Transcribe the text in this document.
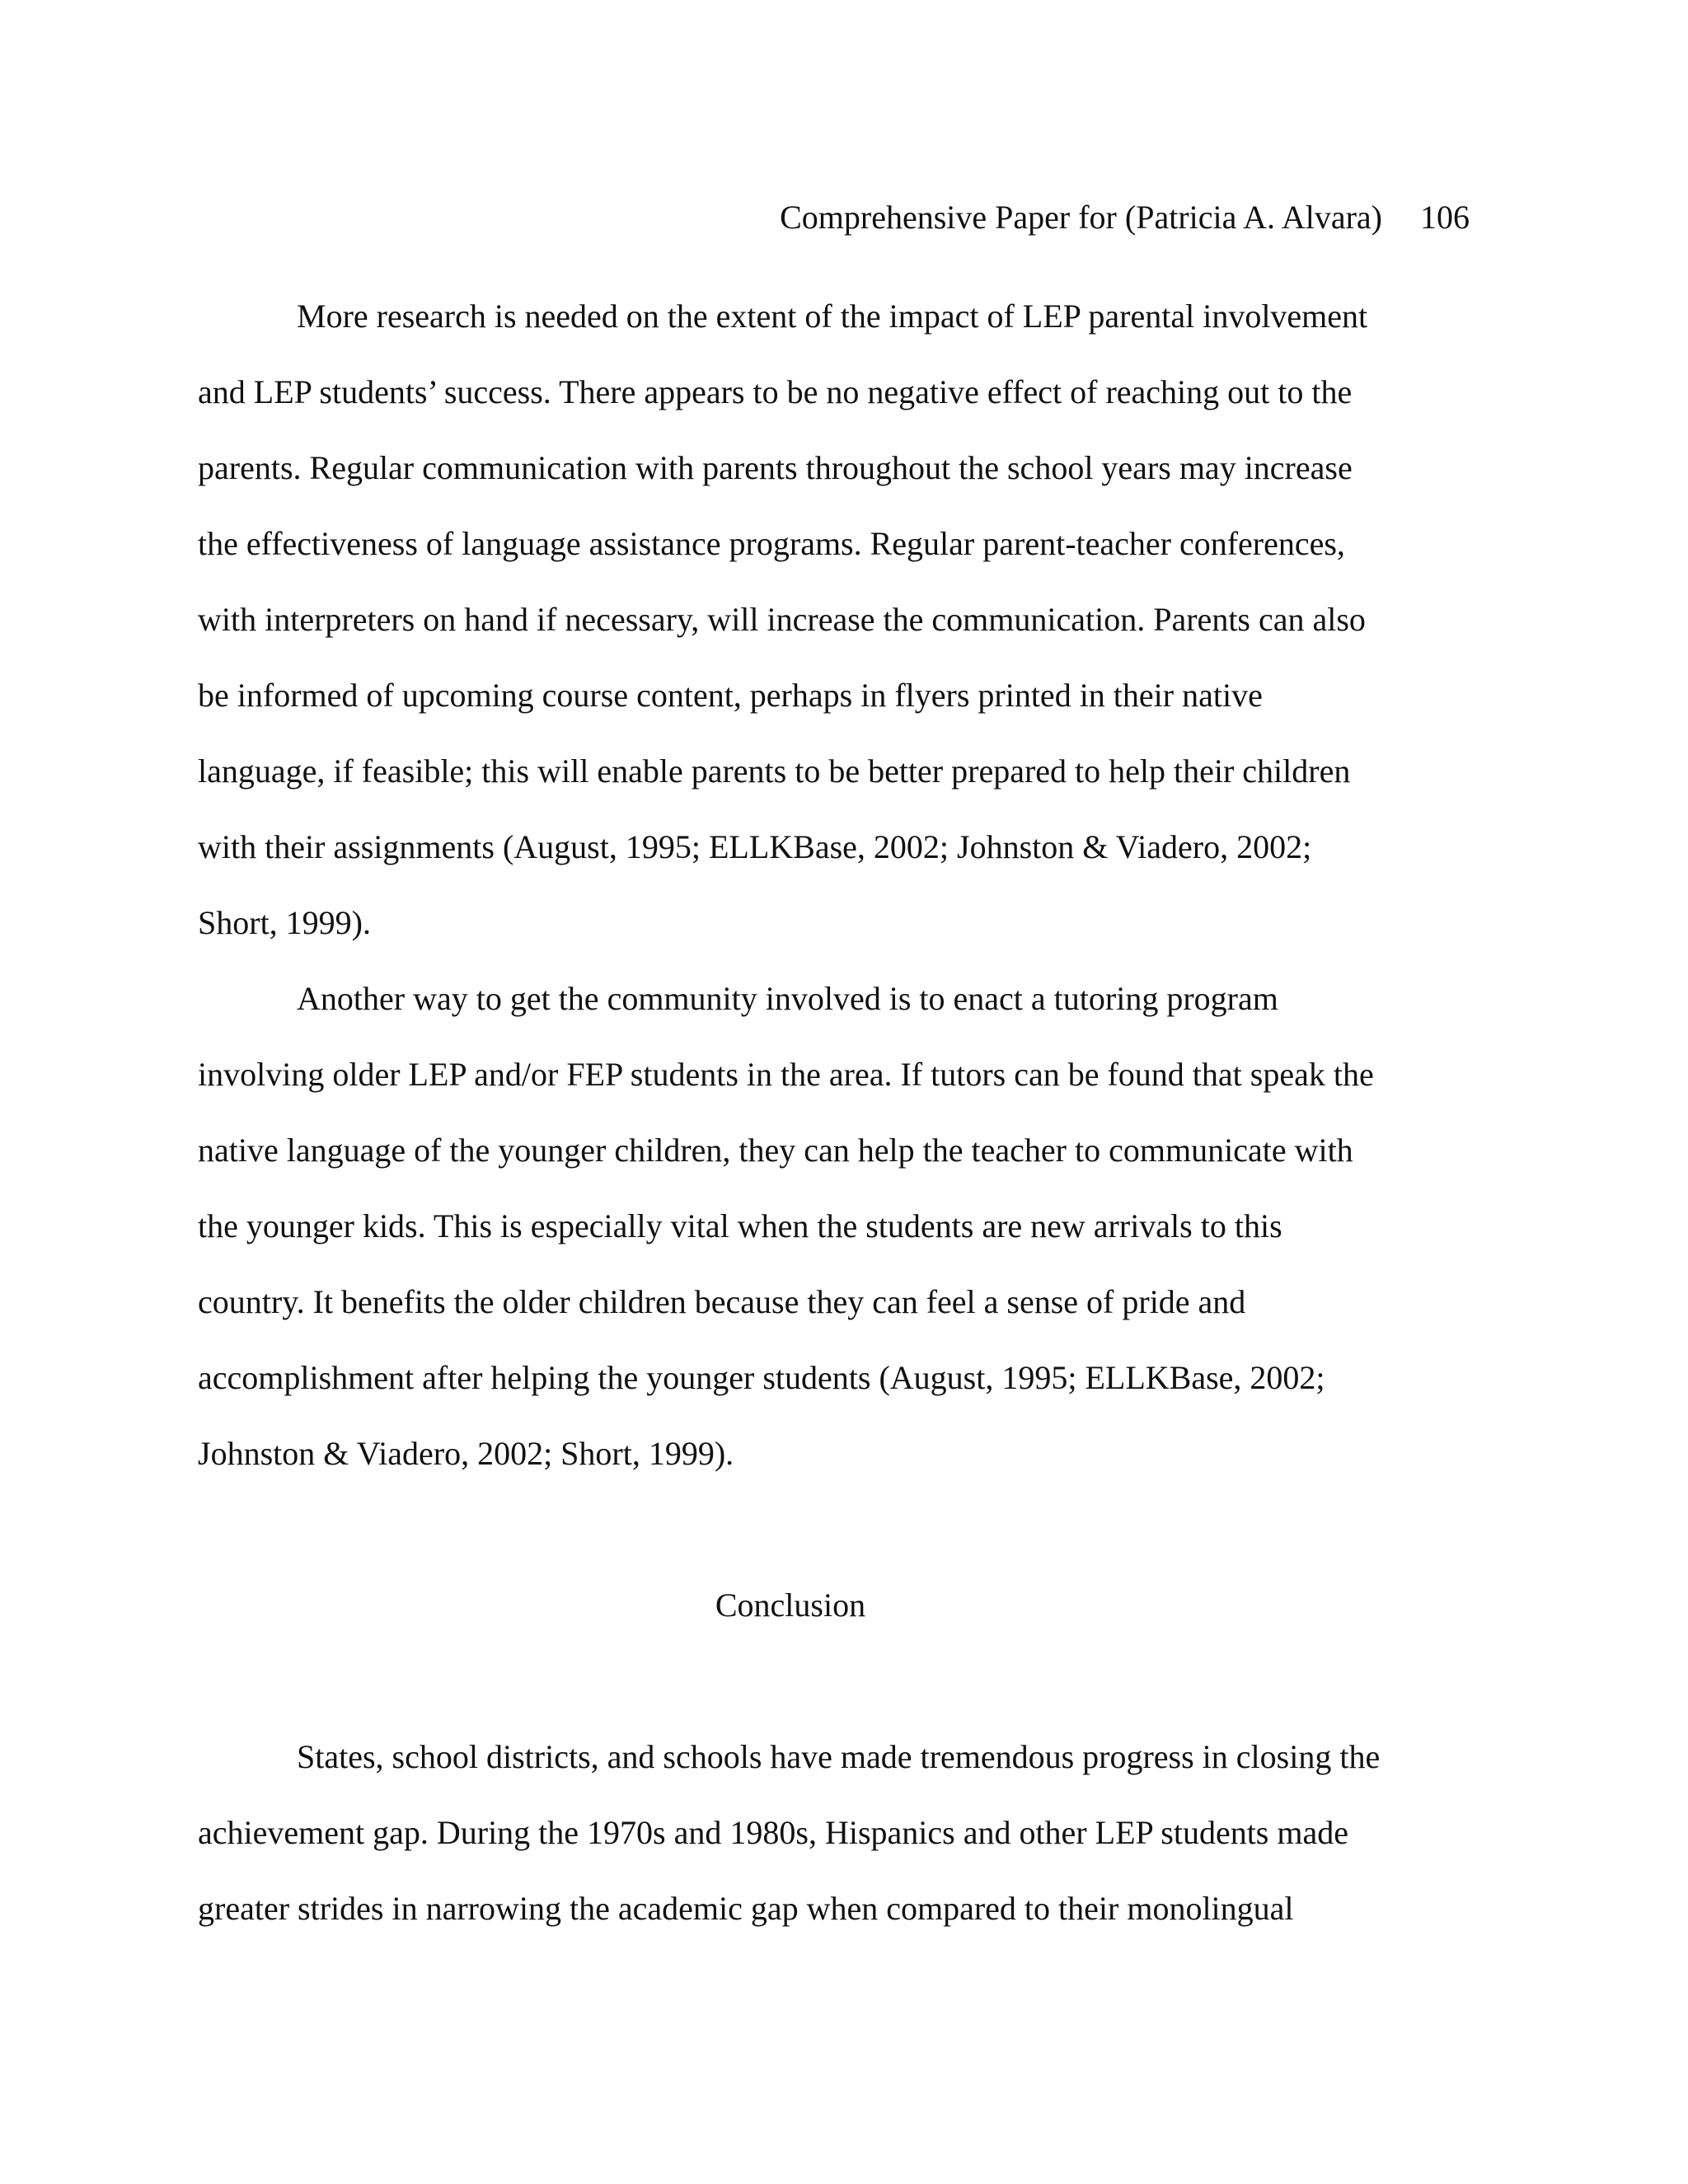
Comprehensive Paper for (Patricia A. Alvara) 106
More research is needed on the extent of the impact of LEP parental involvement
and LEP students’ success. There appears to be no negative effect of reaching out to the
parents. Regular communication with parents throughout the school years may increase
the effectiveness of language assistance programs. Regular parent-teacher conferences,
with interpreters on hand if necessary, will increase the communication. Parents can also
be informed of upcoming course content, perhaps in flyers printed in their native
language, if feasible; this will enable parents to be better prepared to help their children
with their assignments (August, 1995; ELLKBase, 2002; Johnston & Viadero, 2002;
Short, 1999).
Another way to get the community involved is to enact a tutoring program
involving older LEP and/or FEP students in the area. If tutors can be found that speak the
native language of the younger children, they can help the teacher to communicate with
the younger kids. This is especially vital when the students are new arrivals to this
country. It benefits the older children because they can feel a sense of pride and
accomplishment after helping the younger students (August, 1995; ELLKBase, 2002;
Johnston & Viadero, 2002; Short, 1999).
Conclusion
States, school districts, and schools have made tremendous progress in closing the
achievement gap. During the 1970s and 1980s, Hispanics and other LEP students made
greater strides in narrowing the academic gap when compared to their monolingual
